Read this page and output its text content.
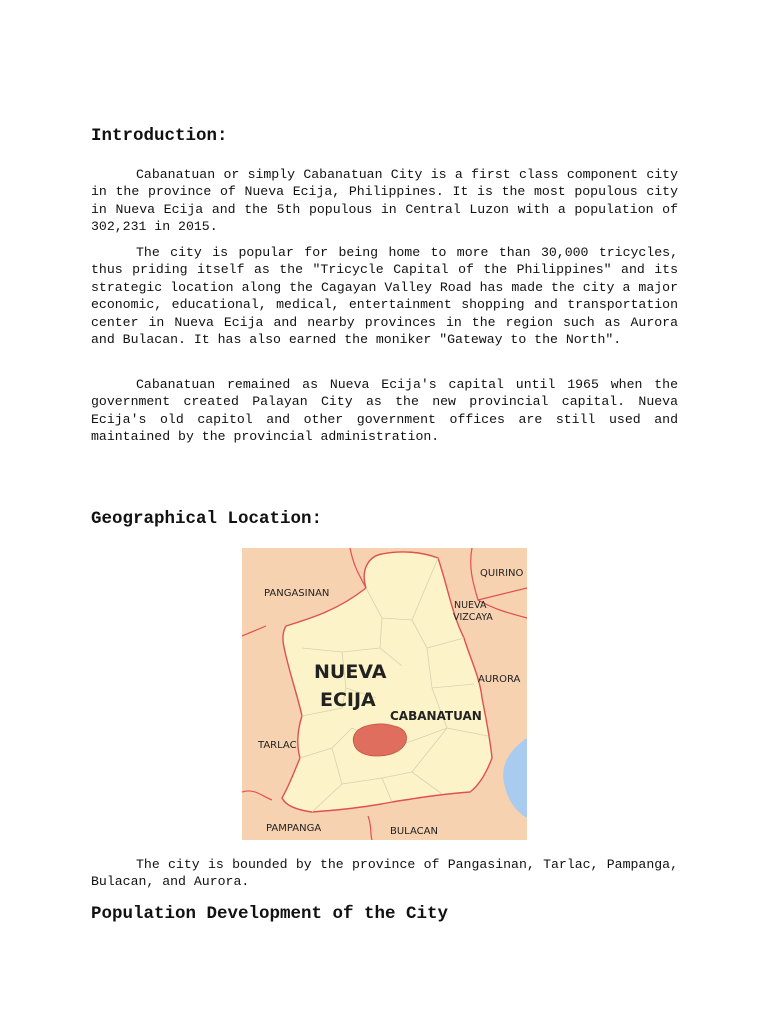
Introduction:

Cabanatuan or simply Cabanatuan City is a first class component city in the province of Nueva Ecija, Philippines. It is the most populous city in Nueva Ecija and the 5th populous in Central Luzon with a population of 302,231 in 2015.

The city is popular for being home to more than 30,000 tricycles, thus priding itself as the "Tricycle Capital of the Philippines" and its strategic location along the Cagayan Valley Road has made the city a major economic, educational, medical, entertainment shopping and transportation center in Nueva Ecija and nearby provinces in the region such as Aurora and Bulacan. It has also earned the moniker "Gateway to the North".

Cabanatuan remained as Nueva Ecija's capital until 1965 when the government created Palayan City as the new provincial capital. Nueva Ecija's old capitol and other government offices are still used and maintained by the provincial administration.

Geographical Location:
PANGASINAN
QUIRINO
NUEVA
VIZCAYA
AURORA
NUEVA
ECIJA
CABANATUAN
TARLAC
PAMPANGA	BULACAN

The city is bounded by the province of Pangasinan, Tarlac, Pampanga, Bulacan, and Aurora.

Population Development of the City
